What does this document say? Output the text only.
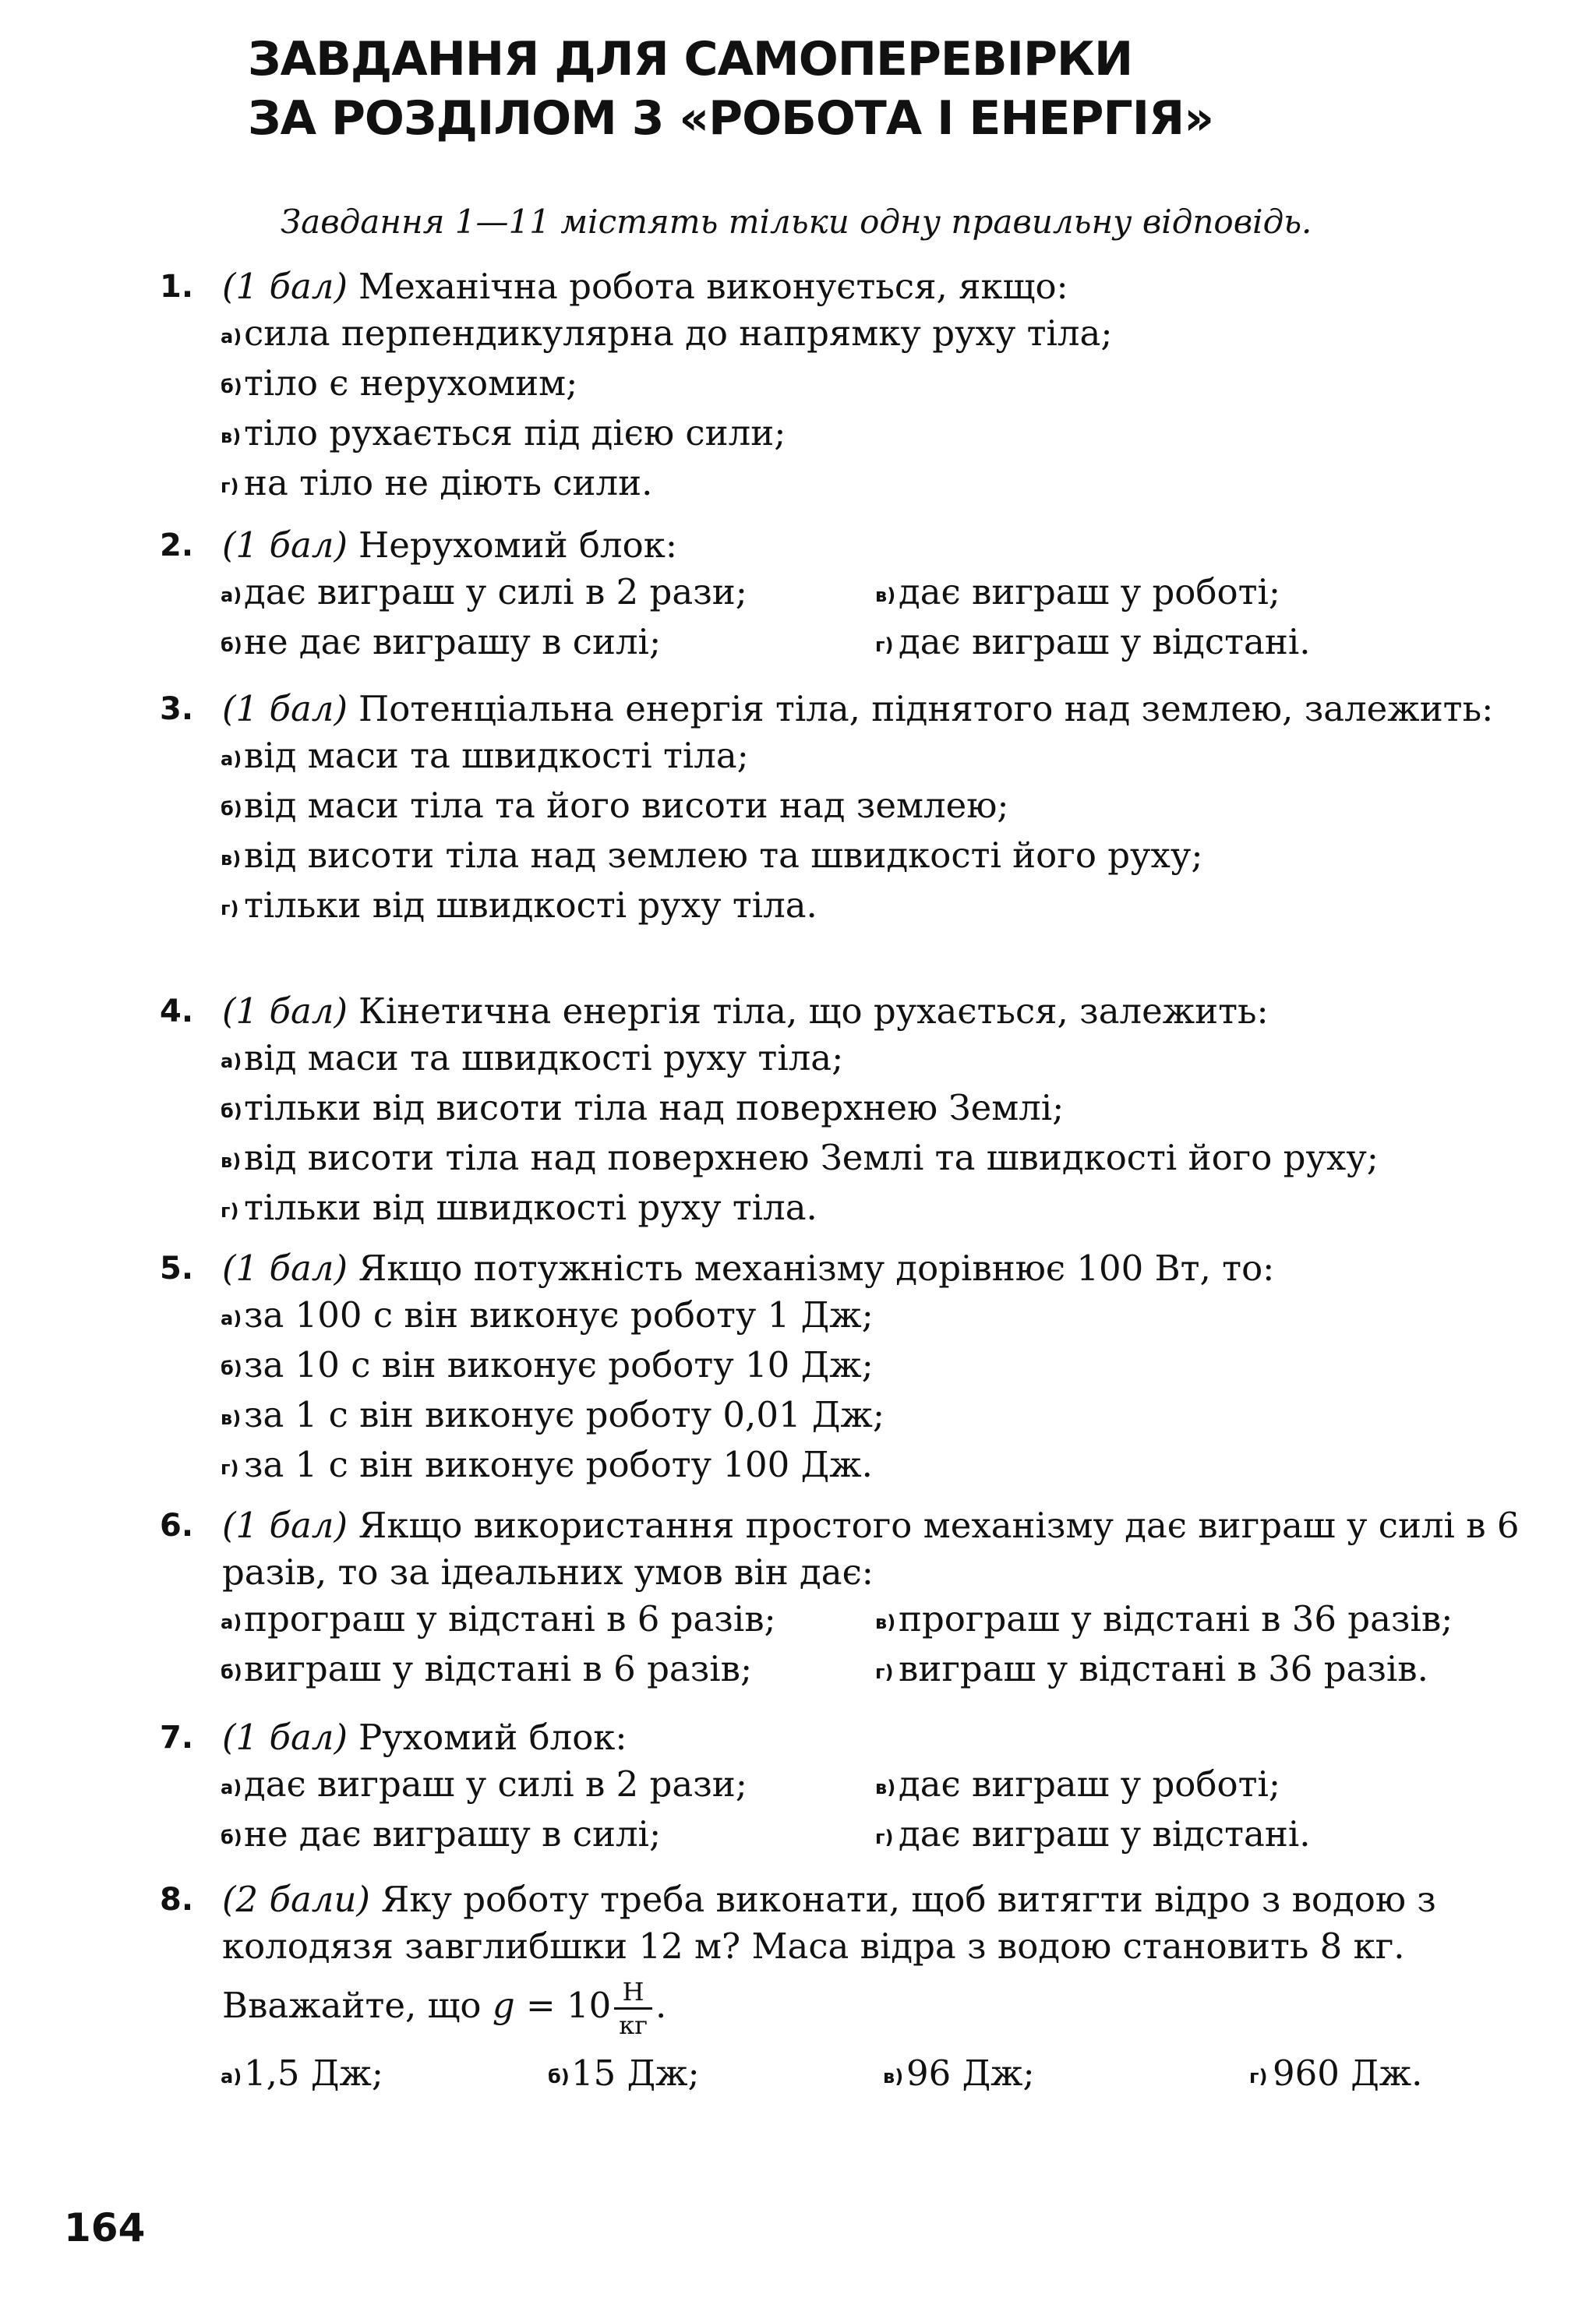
ЗАВДАННЯ ДЛЯ САМОПЕРЕВІРКИ
ЗА РОЗДІЛОМ 3 «РОБОТА І ЕНЕРГІЯ»

Завдання 1—11 містять тільки одну правильну відповідь.

1. (1 бал) Механічна робота виконується, якщо:
а)сила перпендикулярна до напрямку руху тіла;
б)тіло є нерухомим;
в)тіло рухається під дією сили;
г) на тіло не діють сили.
2. (1 бал) Нерухомий блок:
а)дає виграш у силі в 2 рази;	в)дає виграш у роботі;
б)не дає виграшу в силі;	г) дає виграш у відстані.
3. (1 бал) Потенціальна енергія тіла, піднятого над землею, залежить:
а)від маси та швидкості тіла;
б)від маси тіла та його висоти над землею;
в)від висоти тіла над землею та швидкості його руху;
г) тільки від швидкості руху тіла.
4. (1 бал) Кінетична енергія тіла, що рухається, залежить:
а)від маси та швидкості руху тіла;
б)тільки від висоти тіла над поверхнею Землі;
в)від висоти тіла над поверхнею Землі та швидкості його руху;
г) тільки від швидкості руху тіла.
5. (1 бал) Якщо потужність механізму дорівнює 100 Вт, то:
а)за 100 с він виконує роботу 1 Дж;
б)за 10 с він виконує роботу 10 Дж;
в)за 1 с він виконує роботу 0,01 Дж;
г) за 1 с він виконує роботу 100 Дж.
6. (1 бал) Якщо використання простого механізму дає виграш у силі в 6 разів, то за ідеальних умов він дає:
а)програш у відстані в 6 разів;	в)програш у відстані в 36 разів;
б)виграш у відстані в 6 разів;	г) виграш у відстані в 36 разів.
7. (1 бал) Рухомий блок:
а)дає виграш у силі в 2 рази;	в)дає виграш у роботі;
б)не дає виграшу в силі;	г) дає виграш у відстані.
8. (2 бали) Яку роботу треба виконати, щоб витягти відро з водою з колодязя завглибшки 12 м? Маса відра з водою становить 8 кг.
Вважайте, що $g = 10 \frac{Н}{кг}$ .
а)1,5 Дж;	б)15 Дж;	в)96 Дж;	г) 960 Дж.

164
